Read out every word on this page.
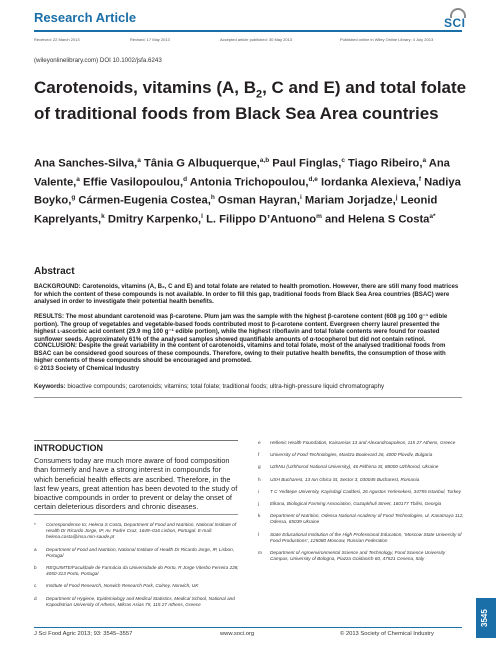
Research Article	SCI
Received: 22 March 2013	Revised: 17 May 2013	Accepted article published: 30 May 2013	Published online in Wiley Online Library: 4 July 2013
(wileyonlinelibrary.com) DOI 10.1002/jsfa.6243
Carotenoids, vitamins (A, $B_2$, C and E) and total folate of traditional foods from Black Sea Area countries
Ana Sanches-Silva,$^a$ Tânia G Albuquerque,$^{a,b}$ Paul Finglas,$^c$ Tiago Ribeiro,$^a$ Ana Valente,$^a$ Effie Vasilopoulou,$^d$ Antonia Trichopoulou,$^{d,e}$ Iordanka Alexieva,$^f$ Nadiya Boyko,$^g$ Cármen-Eugenia Costea,$^h$ Osman Hayran,$^i$ Mariam Jorjadze,$^j$ Leonid Kaprelyants,$^k$ Dmitry Karpenko,$^l$ L. Filippo D’Antuono$^m$ and Helena S Costa$^{a*}$
Abstract
BACKGROUND: Carotenoids, vitamins (A, B₂, C and E) and total folate are related to health promotion. However, there are still many food matrices for which the content of these compounds is not available. In order to fill this gap, traditional foods from Black Sea Area countries (BSAC) were analysed in order to investigate their potential health benefits.
RESULTS: The most abundant carotenoid was β-carotene. Plum jam was the sample with the highest β-carotene content (608 µg 100 g⁻¹ edible portion). The group of vegetables and vegetable-based foods contributed most to β-carotene content. Evergreen cherry laurel presented the highest ʟ-ascorbic acid content (29.9 mg 100 g⁻¹ edible portion), while the highest riboflavin and total folate contents were found for roasted sunflower seeds. Approximately 61% of the analysed samples showed quantifiable amounts of α-tocopherol but did not contain retinol.
CONCLUSION: Despite the great variability in the content of carotenoids, vitamins and total folate, most of the analysed traditional foods from BSAC can be considered good sources of these compounds. Therefore, owing to their putative health benefits, the consumption of those with higher contents of these compounds should be encouraged and promoted.
© 2013 Society of Chemical Industry
Keywords: bioactive compounds; carotenoids; vitamins; total folate; traditional foods; ultra-high-pressure liquid chromatography
INTRODUCTION
Consumers today are much more aware of food composition than formerly and have a strong interest in compounds for which beneficial health effects are ascribed. Therefore, in the last few years, great attention has been devoted to the study of bioactive compounds in order to prevent or delay the onset of certain deleterious disorders and chronic diseases.
* Correspondence to: Helena S Costa, Department of Food and Nutrition, National Institute of Health Dr Ricardo Jorge, IP, Av. Padre Cruz, 1649–016 Lisbon, Portugal. E-mail: helena.costa@insa.min-saude.pt
a Department of Food and Nutrition, National Institute of Health Dr Ricardo Jorge, IP, Lisbon, Portugal
b REQUIMTE/Faculdade de Farmácia da Universidade do Porto, R Jorge Viterbo Ferreira 228, 4050-313 Porto, Portugal
c Institute of Food Research, Norwich Research Park, Colney, Norwich, UK
d Department of Hygiene, Epidemiology and Medical Statistics, Medical School, National and Kapodistrian University of Athens, Mikras Asias 75, 115 27 Athens, Greece
e Hellenic Health Foundation, Kaisareias 13 and Alexandroupoleos, 115 27 Athens, Greece
f University of Food Technologies, Maritza Boulevard 26, 4000 Plovdiv, Bulgaria
g UzhNU (Uzhhorod National University), 46 Pidhirna St, 88000 Uzhhorod, Ukraine
h USH Bucharest, 13 Ion Ghica St, Sector 3, 030045 Bucharest, Romania
i T C Yeditepe University, Kayisdagi Caddesi, 26 Agustos Yerlesekesi, 34755 Istanbul, Turkey
j Elkana, Biological Farming Association, Gazapkhuli Street, 160177 Tbilisi, Georgia
k Department of Nutrition, Odessa National Academy of Food Technologies, ul. Kanatnaya 112, Odessa, 65039 Ukraine
l State Educational Institution of the High Professional Education, ‘Moscow State University of Food Productions’, 125080 Moscow, Russian Federation
m Department of Agroenvironmental Science and Technology, Food Science University Campus, University of Bologna, Piazza Goidanich 60, 47521 Cesena, Italy
J Sci Food Agric 2013; 93: 3545–3557	www.soci.org	© 2013 Society of Chemical Industry
3545
